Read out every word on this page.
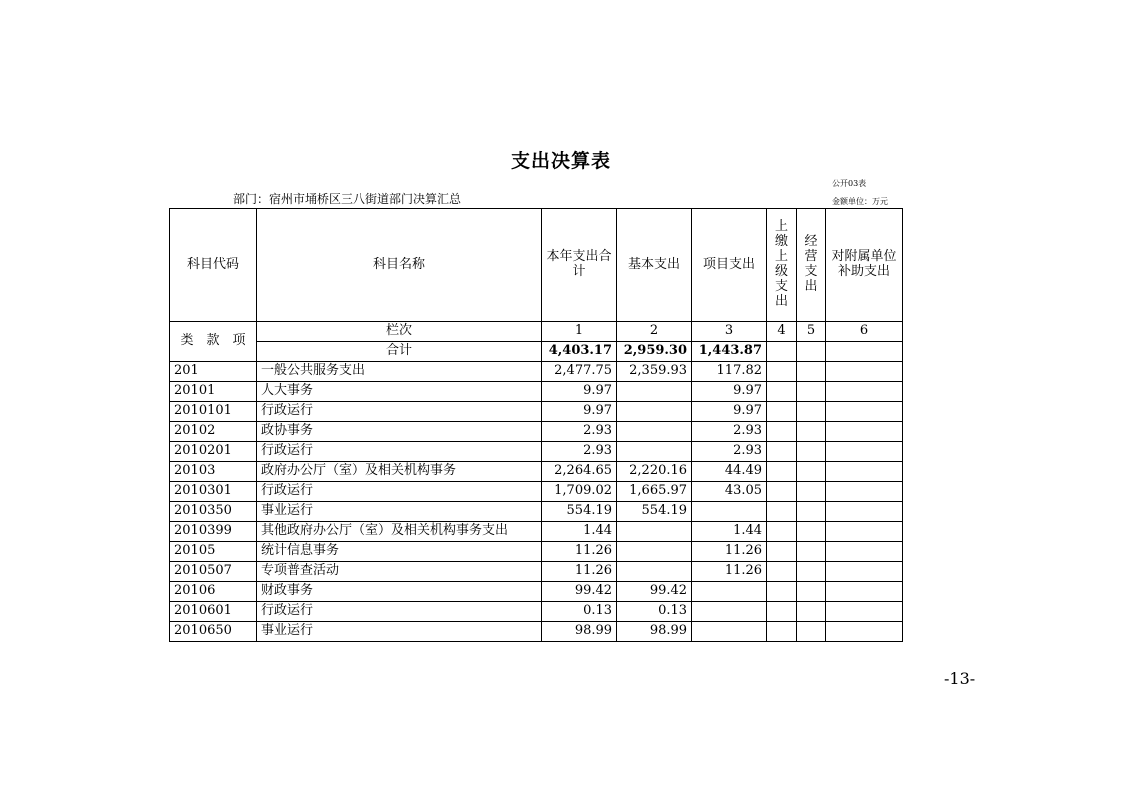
支出决算表
公开03表
金额单位：万元
部门：宿州市埇桥区三八街道部门决算汇总
科目代码	科目名称	本年支出合计	基本支出	项目支出	上缴上级支出	经营支出	对附属单位补助支出

类 款 项	栏次	1	2	3	4	5	6
	合计	4,403.17	2,959.30	1,443.87			
201	一般公共服务支出	2,477.75	2,359.93	117.82			
20101	人大事务	9.97		9.97			
2010101	行政运行	9.97		9.97			
20102	政协事务	2.93		2.93			
2010201	行政运行	2.93		2.93			
20103	政府办公厅（室）及相关机构事务	2,264.65	2,220.16	44.49			
2010301	行政运行	1,709.02	1,665.97	43.05			
2010350	事业运行	554.19	554.19				
2010399	其他政府办公厅（室）及相关机构事务支出	1.44		1.44			
20105	统计信息事务	11.26		11.26			
2010507	专项普查活动	11.26		11.26			
20106	财政事务	99.42	99.42				
2010601	行政运行	0.13	0.13				
2010650	事业运行	98.99	98.99				
-13-
